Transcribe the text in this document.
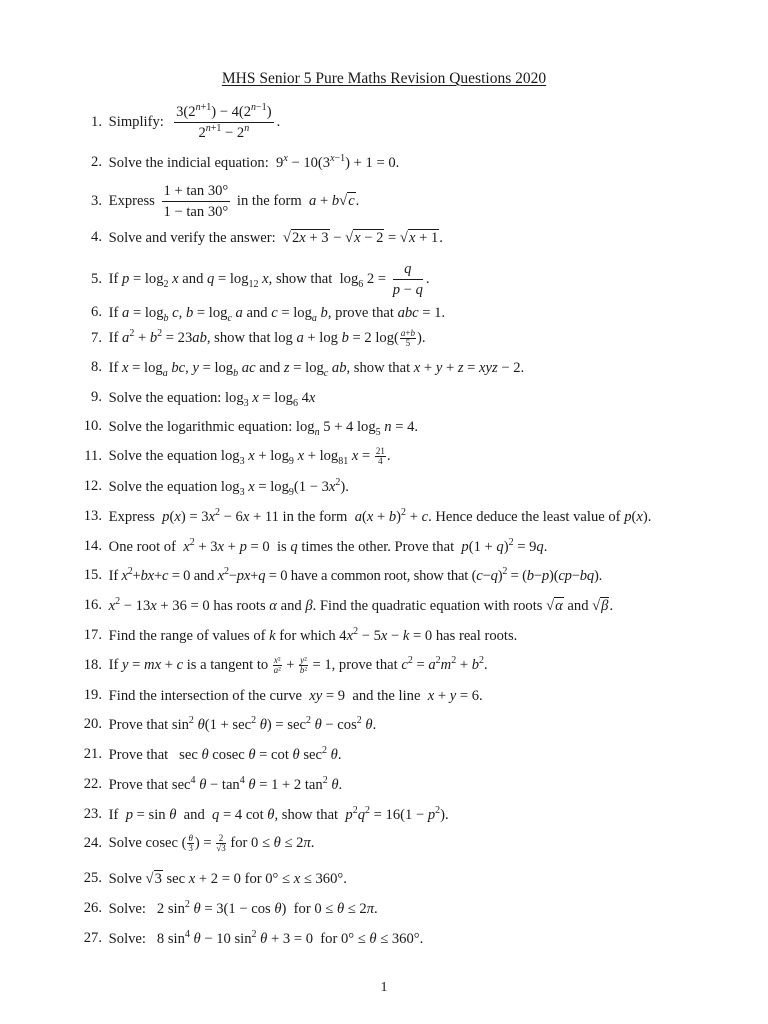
MHS Senior 5 Pure Maths Revision Questions 2020
1. Simplify: $\frac{3(2^{n+1}) - 4(2^{n-1})}{2^{n+1} - 2^n}$ .
2. Solve the indicial equation:  $9^x - 10(3^{x-1}) + 1 = 0$.
3. Express $\frac{1 + \tan 30^\circ}{1 - \tan 30^\circ}$ in the form  a + b√c.
4. Solve and verify the answer:  √2x + 3 − √x − 2 = √x + 1.
5. If $p = \log_2 x$ and $q = \log_{12} x$, show that  $\log_6 2 = \frac{q}{p - q}$ .
6. If $a = \log_b c$, $b = \log_c a$ and $c = \log_a b$, prove that abc = 1.
7. If $a^2 + b^2 = 23ab$, show that log a + log b = 2 $\log( \frac{a+b}{5}$ ).
8. If $x = \log_a$ bc, $y = \log_b$ ac and $z = \log_c$ ab, show that x + y + z = xyz − 2.
9. Solve the equation: $\log_3 x = \log_6 4x$
10. Solve the logarithmic equation: $\log_n 5 + 4$ $\log_5 n = 4$.
11. Solve the equation $\log_3 x + \log_9 x + \log_{81} x = \frac{21}{4}$ .
12. Solve the equation $\log_3 x = \log_9(1 - 3x^2)$.
13. Express  $p(x) = 3x^2 - 6x + 11$ in the form  $a(x + b)^2 + c$. Hence deduce the least value of p(x).
14. One root of  $x^2 + 3x + p = 0$  is q times the other. Prove that  $p(1 + q)^2 = 9q$.
15. If $x^2+bx+c = 0$ and $x^2-px+q = 0$ have a common root, show that $(c-q)^2 = (b-p)(cp-bq)$.
16. $x^2 - 13x + 36 = 0$ has roots α and β. Find the quadratic equation with roots √α and √β.
17. Find the range of values of k for which $4x^2 - 5x - k = 0$ has real roots.
18. If y = mx + c is a tangent to $\frac{\text{x²}}{\text{a²}} + \frac{\text{y²}}{\text{b²}} = 1$, prove that $c^2 = a^2m^2 + b^2$.
19. Find the intersection of the curve  xy = 9  and the line  x + y = 6.
20. Prove that $\sin^2 \theta(1 + \sec^2 \theta) = \sec^2 \theta - \cos^2 \theta$.
21. Prove that   sec θ cosec θ = cot θ $\sec^2 \theta$.
22. Prove that $\sec^4 \theta - \tan^4 \theta = 1 + 2$ $\tan^2 \theta$.
23. If  p = sin θ  and  q = 4 cot θ, show that  $p^2q^2 = 16(1 - p^2)$.
24. Solve cosec ( $\frac{\theta}{3}$ ) = $\frac{2}{√3}$ for 0 ≤ θ ≤ 2π.
25. Solve √3 sec x + 2 = 0 for 0° ≤ x ≤ 360°.
26. Solve:   2 $\sin^2 \theta = 3(1 - \cos \theta)$  for 0 ≤ θ ≤ 2π.
27. Solve:   8 $\sin^4 \theta - 10$ $\sin^2 \theta + 3 = 0$  for 0° ≤ θ ≤ 360°.
1
